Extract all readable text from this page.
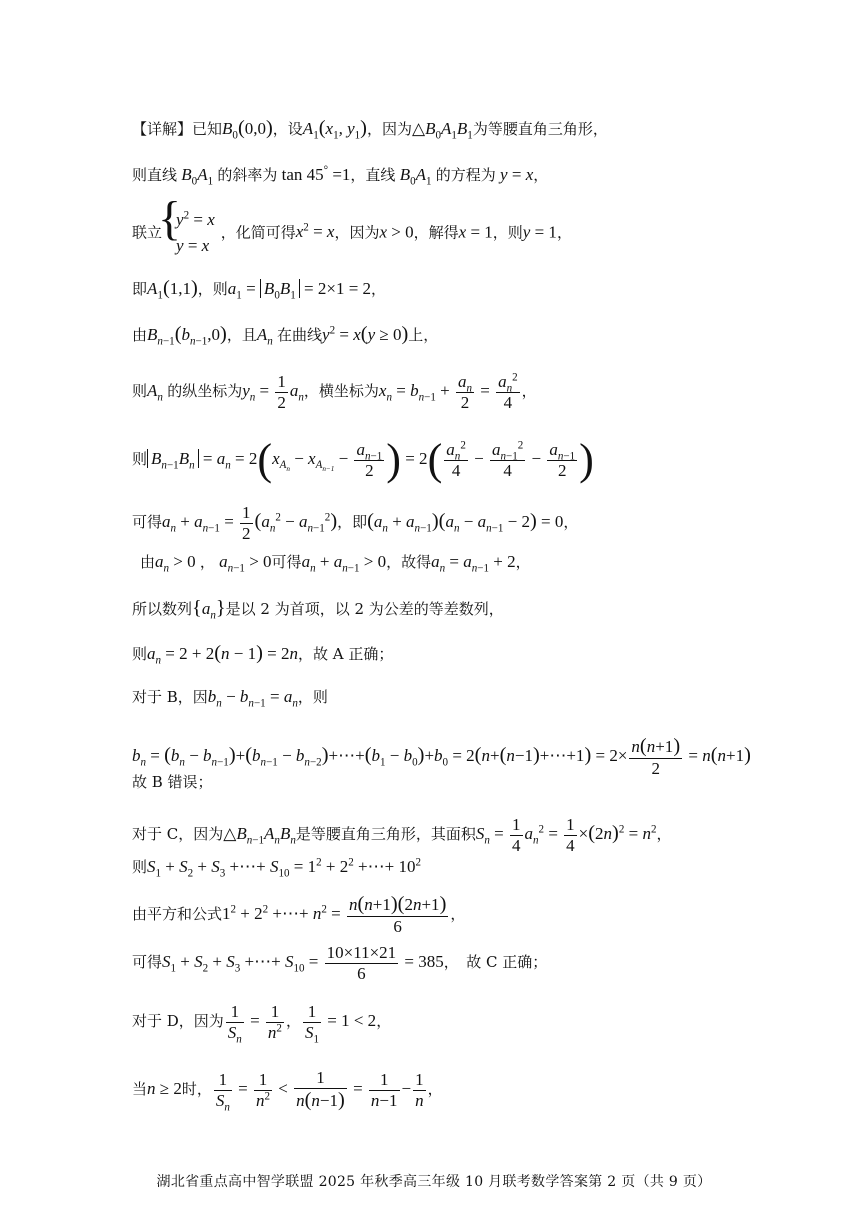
【详解】已知$B_0(0,0)$，设$A_1(x_1$, $y_1$)，因为$\triangle B_0A_1B_1$为等腰直角三角形，
则直线 $B_0A_1$ 的斜率为 tan 45° =1，直线 $B_0A_1$ 的方程为 y = x，
联立
{ $y^2 = x$
y = x
，化简可得$x^2 = x$，因为x > 0，解得x = 1，则y = 1，
即$A_1(1,1)$，则$a_1 = B_0B_1 = 2\times 1 = 2$，
由$B_{n-1}(b_{n-1},0)$，且$A_n$ 在曲线$y^2 = x(y \ge 0)$上，
则$A_n$ 的纵坐标为$y_n = \frac{1}{2} a_n$，横坐标为$x_n = b_{n-1} + \frac{a_n}{2} = \frac{a_n^2}{4}$ ，
则 $B_{n-1}B_n = a_n = 2(x_{A_n} - x_{A_{n-1}} - \frac{a_{n-1}}{2}$ ) = $2( \frac{a_n^2}{4} - \frac{a_{n-1}^2}{4} - \frac{a_{n-1}}{2}$ )
可得$a_n + a_{n-1} = \frac{1}{2} (a_n^2 - a_{n-1}^2)$，即$(a_n + a_{n-1})(a_n - a_{n-1} - 2) = 0$，
由$a_n > 0$ ， $a_{n-1} > 0$可得$a_n + a_{n-1} > 0$，故得$a_n = a_{n-1} + 2$，
所以数列$\{a_n\}$是以 2 为首项，以 2 为公差的等差数列，
则$a_n = 2 + 2(n - 1) = 2n$，故 A 正确；
对于 B，因$b_n - b_{n-1} = a_n$，则
$b_n = (b_n - b_{n-1})+(b_{n-1}$ − $b_{n-2})+\cdots+(b_1 - b_0)+b_0$ = 2(n+(n−1)+⋯+1) = $2\times \frac{n(n+1)}{2} = n(n+1)$
故 B 错误；
对于 C，因为$\triangle B_{n-1}A_nB_n$是等腰直角三角形，其面积$S_n = \frac{1}{4} a_n^2 = \frac{1}{4} \times(2n)^2 = n^2$，
则$S_1 + S_2 + S_3$ +⋯+ $S_{10} = 1^2 + 2^2$ +⋯+ $10^2$
由平方和公式$1^2 + 2^2$ +⋯+ $n^2 = \frac{n(n+1)(2n+1)}{6}$ ，
可得$S_1 + S_2 + S_3$ +⋯+ $S_{10} = \frac{10\times 11\times 21}{6} = 385$，　故 C 正确；
对于 D，因为 $\frac{1}{S_n} = \frac{1}{n^2}$ ， $\frac{1}{S_1} = 1 < 2$，
当n ≥ 2时， $\frac{1}{S_n} = \frac{1}{n^2} < \frac{1}{n(n-1)} = \frac{1}{n-1} - \frac{1}{n}$ ，
湖北省重点高中智学联盟 2025 年秋季高三年级 10 月联考数学答案第 2 页（共 9 页）
